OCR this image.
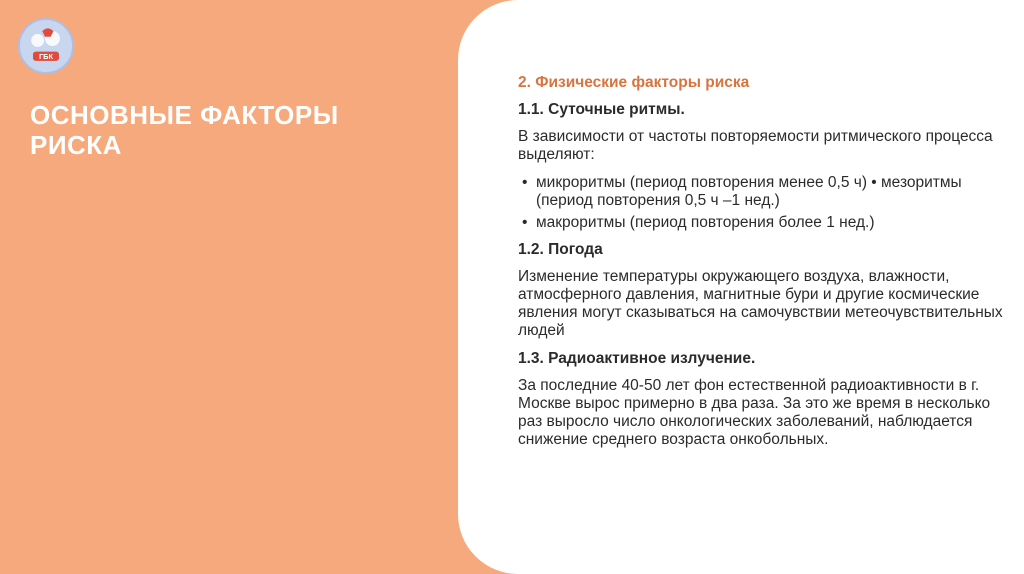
ГБК
ОСНОВНЫЕ ФАКТОРЫ РИСКА
2. Физические факторы риска
1.1. Суточные ритмы.

В зависимости от частоты повторяемости ритмического процесса выделяют:

• микроритмы (период повторения менее 0,5 ч) • мезоритмы (период повторения 0,5 ч –1 нед.)
• макроритмы (период повторения более 1 нед.)
1.2. Погода

Изменение температуры окружающего воздуха, влажности, атмосферного давления, магнитные бури и другие космические явления могут сказываться на самочувствии метеочувствительных людей

1.3. Радиоактивное излучение.

За последние 40-50 лет фон естественной радиоактивности в г. Москве вырос примерно в два раза. За это же время в несколько раз выросло число онкологических заболеваний, наблюдается снижение среднего возраста онкобольных.
